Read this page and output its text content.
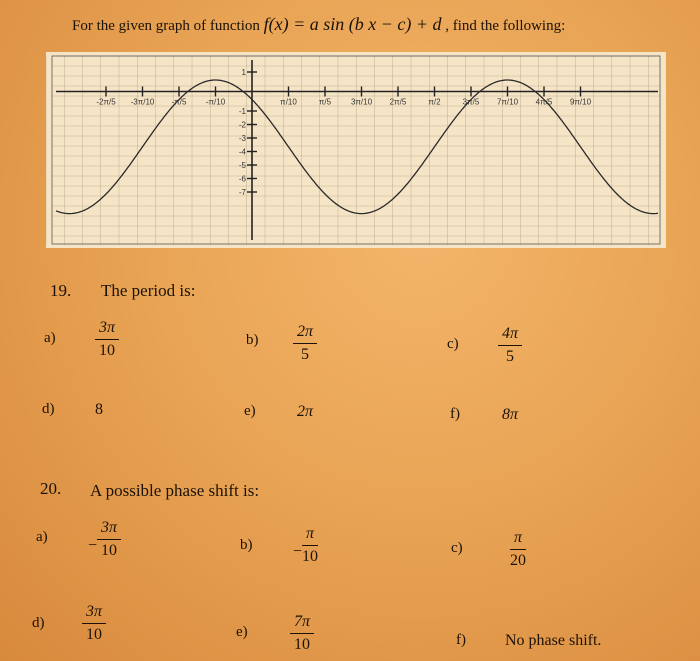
For the given graph of function f(x) = a sin (b x − c) + d , find the following:
-2π/5 -3π/10 -π/5 -π/10	π/10	π/5 3π/10 2π/5	π/2	3π/5 7π/10 4π/5 9π/10
1
-1
-2
-3
-4
-5
-6
-7
19. The period is:
$a) \frac{3\pi}{10}$	$b) \frac{2\pi}{5}$	$c) \frac{4\pi}{5}$
d)	8	e)	2π	f)	8π
20. A possible phase shift is:
a)	− $\frac{3\pi}{10}$	b)	− $\frac{\pi}{10}$	c)	$\frac{\pi}{20}$
$d) \frac{3\pi}{10}$	e)	$\frac{7\pi}{10}$	f) No phase shift.
